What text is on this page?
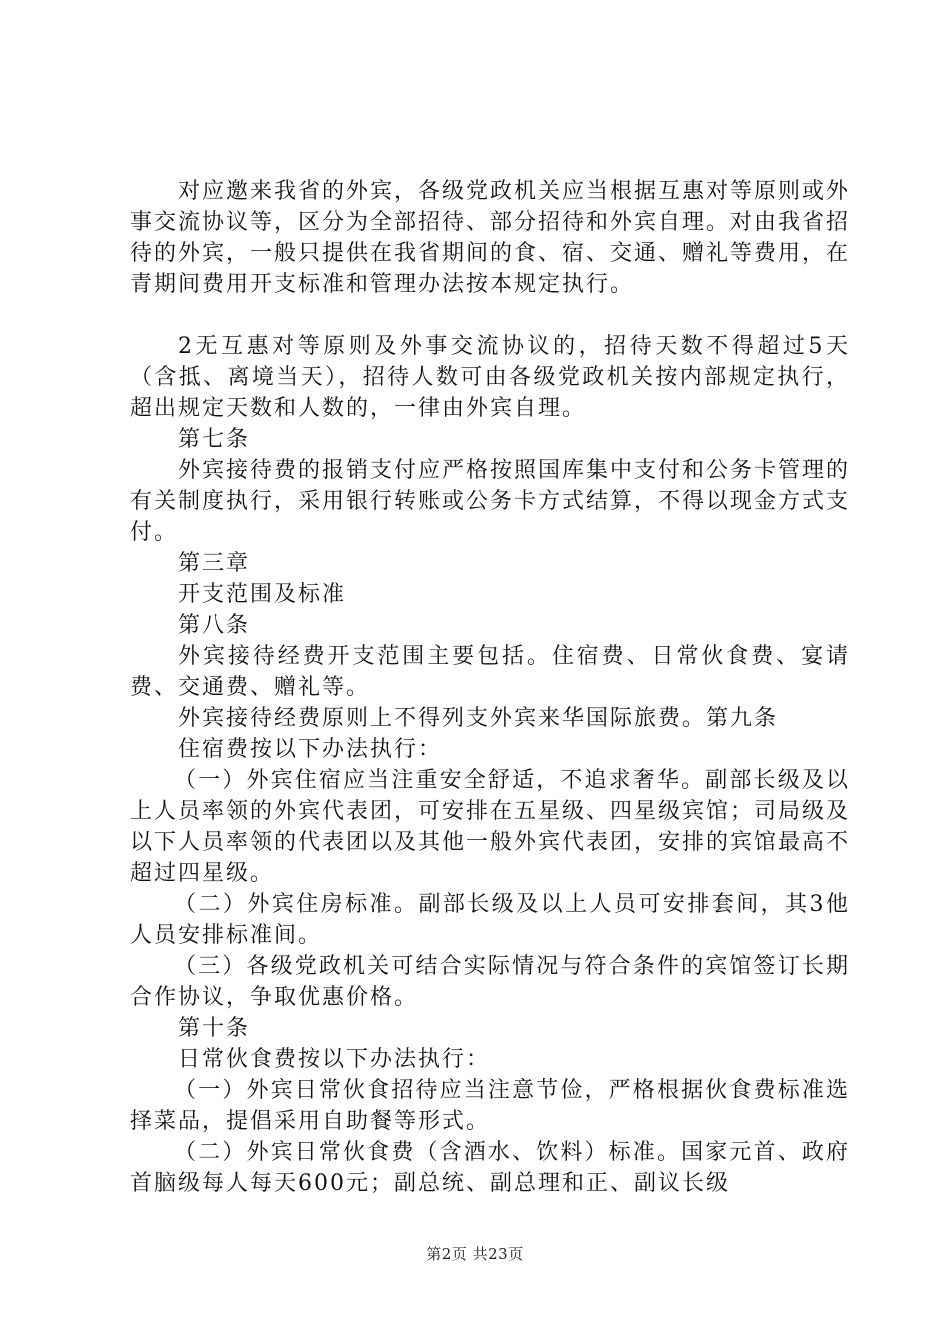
对应邀来我省的外宾，各级党政机关应当根据互惠对等原则或外事交流协议等，区分为全部招待、部分招待和外宾自理。对由我省招待的外宾，一般只提供在我省期间的食、宿、交通、赠礼等费用，在青期间费用开支标准和管理办法按本规定执行。

2无互惠对等原则及外事交流协议的，招待天数不得超过5天（含抵、离境当天），招待人数可由各级党政机关按内部规定执行，超出规定天数和人数的，一律由外宾自理。

第七条

外宾接待费的报销支付应严格按照国库集中支付和公务卡管理的有关制度执行，采用银行转账或公务卡方式结算，不得以现金方式支付。

第三章

开支范围及标准

第八条

外宾接待经费开支范围主要包括。住宿费、日常伙食费、宴请费、交通费、赠礼等。

外宾接待经费原则上不得列支外宾来华国际旅费。第九条

住宿费按以下办法执行：

（一）外宾住宿应当注重安全舒适，不追求奢华。副部长级及以上人员率领的外宾代表团，可安排在五星级、四星级宾馆；司局级及以下人员率领的代表团以及其他一般外宾代表团，安排的宾馆最高不超过四星级。

（二）外宾住房标准。副部长级及以上人员可安排套间，其3他人员安排标准间。

（三）各级党政机关可结合实际情况与符合条件的宾馆签订长期合作协议，争取优惠价格。

第十条

日常伙食费按以下办法执行：

（一）外宾日常伙食招待应当注意节俭，严格根据伙食费标准选择菜品，提倡采用自助餐等形式。

（二）外宾日常伙食费（含酒水、饮料）标准。国家元首、政府首脑级每人每天600元；副总统、副总理和正、副议长级

第2页 共23页
